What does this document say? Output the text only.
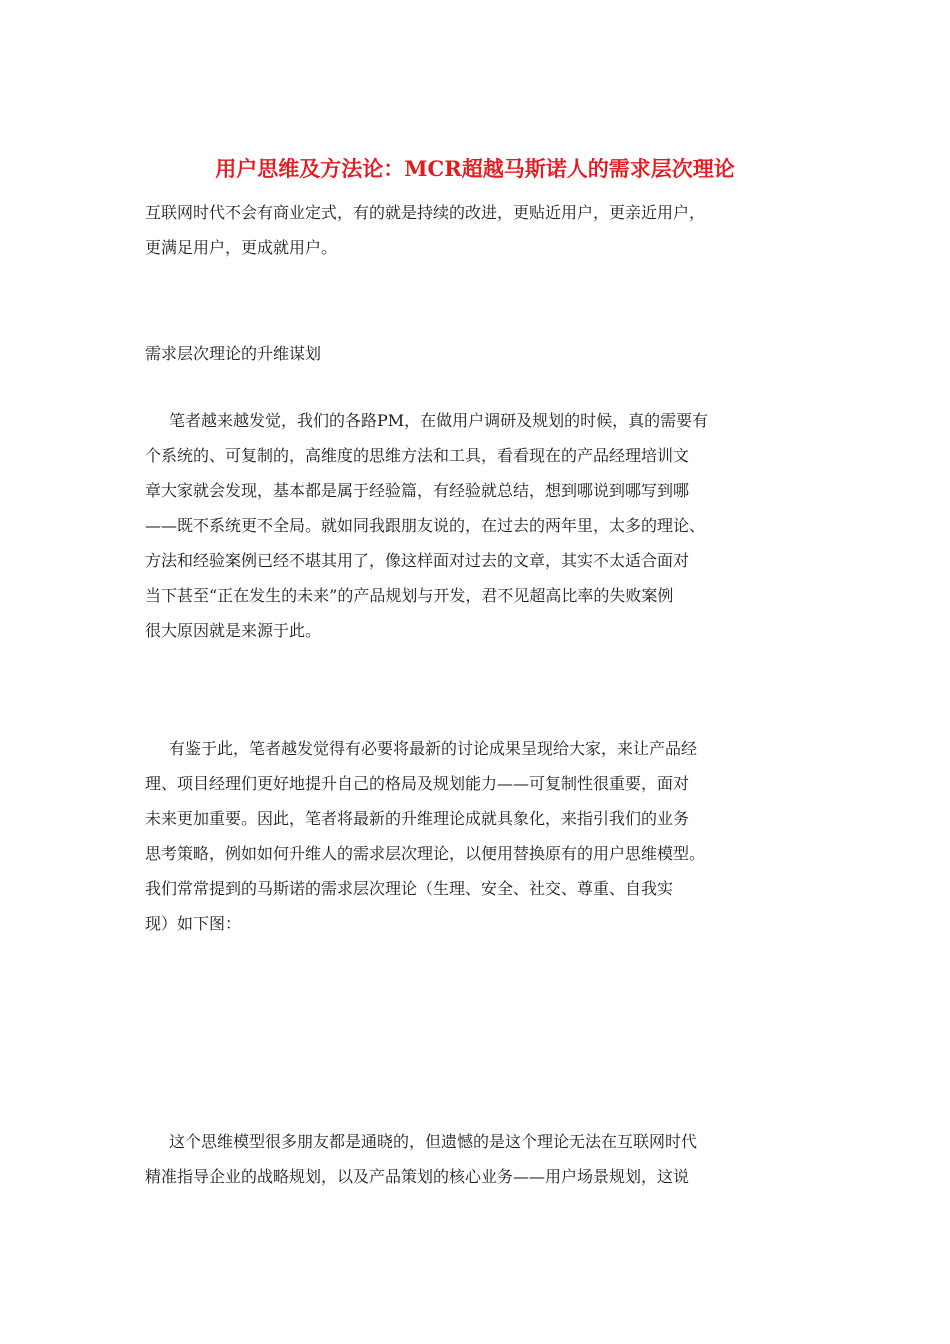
用户思维及方法论：MCR超越马斯诺人的需求层次理论

互联网时代不会有商业定式，有的就是持续的改进，更贴近用户，更亲近用户，
更满足用户，更成就用户。

需求层次理论的升维谋划

笔者越来越发觉，我们的各路PM，在做用户调研及规划的时候，真的需要有
个系统的、可复制的，高维度的思维方法和工具，看看现在的产品经理培训文
章大家就会发现，基本都是属于经验篇，有经验就总结，想到哪说到哪写到哪
——既不系统更不全局。就如同我跟朋友说的，在过去的两年里，太多的理论、
方法和经验案例已经不堪其用了，像这样面对过去的文章，其实不太适合面对
当下甚至“正在发生的未来”的产品规划与开发，君不见超高比率的失败案例
很大原因就是来源于此。

有鉴于此，笔者越发觉得有必要将最新的讨论成果呈现给大家，来让产品经
理、项目经理们更好地提升自己的格局及规划能力——可复制性很重要，面对
未来更加重要。因此，笔者将最新的升维理论成就具象化，来指引我们的业务
思考策略，例如如何升维人的需求层次理论，以便用替换原有的用户思维模型。
我们常常提到的马斯诺的需求层次理论（生理、安全、社交、尊重、自我实
现）如下图：

这个思维模型很多朋友都是通晓的，但遗憾的是这个理论无法在互联网时代
精准指导企业的战略规划，以及产品策划的核心业务——用户场景规划，这说
